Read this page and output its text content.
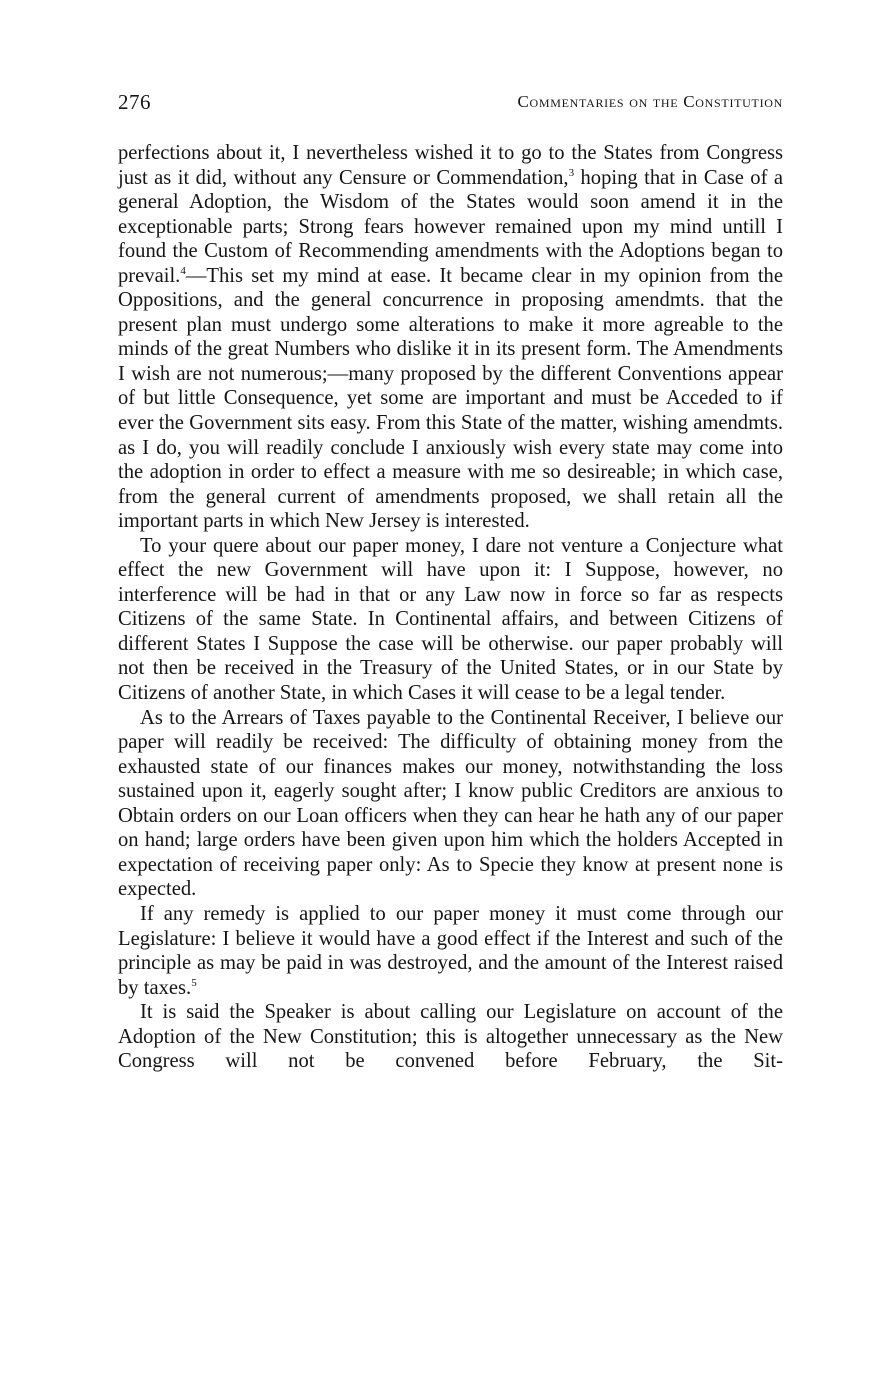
276	Commentaries on the Constitution

perfections about it, I nevertheless wished it to go to the States from Congress just as it did, without any Censure or Commendation,$^3$ hoping that in Case of a general Adoption, the Wisdom of the States would soon amend it in the exceptionable parts; Strong fears however remained upon my mind untill I found the Custom of Recommending amendments with the Adoptions began to prevail.$^4$—This set my mind at ease. It became clear in my opinion from the Oppositions, and the general concurrence in proposing amendmts. that the present plan must undergo some alterations to make it more agreable to the minds of the great Numbers who dislike it in its present form. The Amendments I wish are not numerous;—many proposed by the different Conventions appear of but little Consequence, yet some are important and must be Acceded to if ever the Government sits easy. From this State of the matter, wishing amendmts. as I do, you will readily conclude I anxiously wish every state may come into the adoption in order to effect a measure with me so desireable; in which case, from the general current of amendments proposed, we shall retain all the important parts in which New Jersey is interested.

To your quere about our paper money, I dare not venture a Conjecture what effect the new Government will have upon it: I Suppose, however, no interference will be had in that or any Law now in force so far as respects Citizens of the same State. In Continental affairs, and between Citizens of different States I Suppose the case will be otherwise. our paper probably will not then be received in the Treasury of the United States, or in our State by Citizens of another State, in which Cases it will cease to be a legal tender.

As to the Arrears of Taxes payable to the Continental Receiver, I believe our paper will readily be received: The difficulty of obtaining money from the exhausted state of our finances makes our money, notwithstanding the loss sustained upon it, eagerly sought after; I know public Creditors are anxious to Obtain orders on our Loan officers when they can hear he hath any of our paper on hand; large orders have been given upon him which the holders Accepted in expectation of receiving paper only: As to Specie they know at present none is expected.

If any remedy is applied to our paper money it must come through our Legislature: I believe it would have a good effect if the Interest and such of the principle as may be paid in was destroyed, and the amount of the Interest raised by taxes.$^5$

It is said the Speaker is about calling our Legislature on account of the Adoption of the New Constitution; this is altogether unnecessary as the New Congress will not be convened before February, the Sit-
